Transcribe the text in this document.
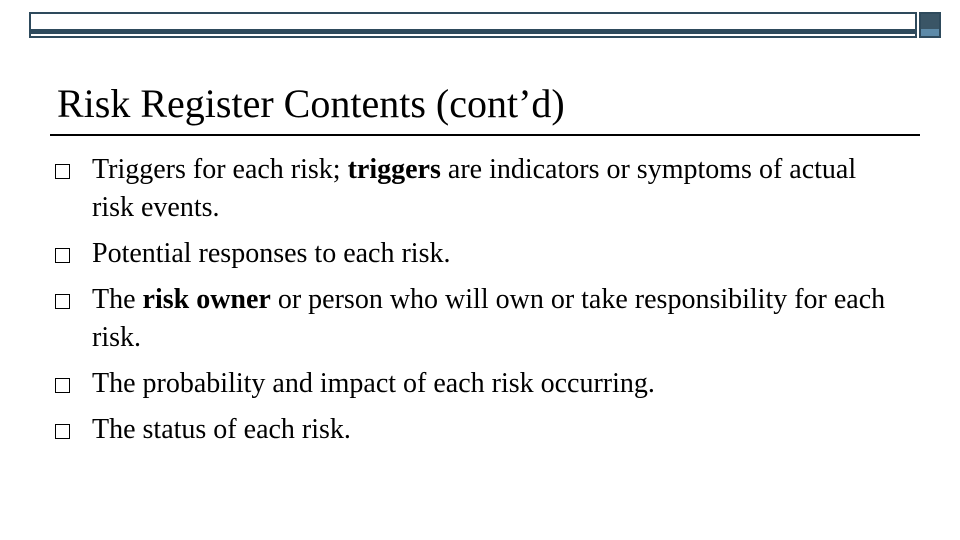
Risk Register Contents (cont’d)
Triggers for each risk; triggers are indicators or symptoms of actual risk events.
Potential responses to each risk.
The risk owner or person who will own or take responsibility for each risk.
The probability and impact of each risk occurring.
The status of each risk.
